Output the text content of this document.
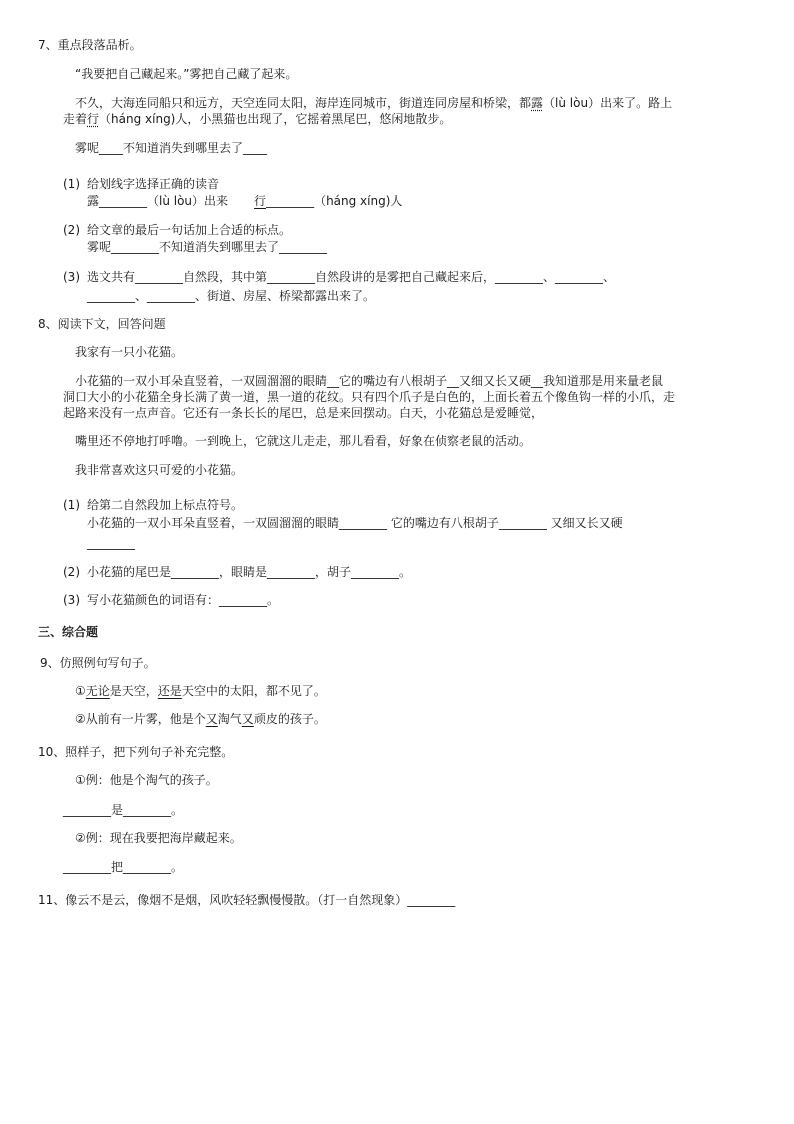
7、重点段落品析。
“我要把自己藏起来。”雾把自己藏了起来。
不久，大海连同船只和远方，天空连同太阳，海岸连同城市，街道连同房屋和桥梁，都露（lù lòu）出来了。路上
走着行（háng xíng)人，小黑猫也出现了，它摇着黑尾巴，悠闲地散步。
雾呢____不知道消失到哪里去了____
(1) 给划线字选择正确的读音
露________（lù lòu）出来 行________（háng xíng)人
(2) 给文章的最后一句话加上合适的标点。
雾呢________不知道消失到哪里去了________
(3) 选文共有________自然段，其中第________自然段讲的是雾把自己藏起来后，________、________、
________、________、街道、房屋、桥梁都露出来了。
8、阅读下文，回答问题
我家有一只小花猫。
小花猫的一双小耳朵直竖着，一双圆溜溜的眼睛__它的嘴边有八根胡子__又细又长又硬__我知道那是用来量老鼠
洞口大小的小花猫全身长满了黄一道，黑一道的花纹。只有四个爪子是白色的，上面长着五个像鱼钩一样的小爪，走
起路来没有一点声音。它还有一条长长的尾巴，总是来回摆动。白天，小花猫总是爱睡觉，
嘴里还不停地打呼噜。一到晚上，它就这儿走走，那儿看看，好象在侦察老鼠的活动。
我非常喜欢这只可爱的小花猫。
(1) 给第二自然段加上标点符号。
小花猫的一双小耳朵直竖着，一双圆溜溜的眼睛________ 它的嘴边有八根胡子________ 又细又长又硬
________
(2) 小花猫的尾巴是________，眼睛是________，胡子________。
(3) 写小花猫颜色的词语有：________。
三、综合题
9、仿照例句写句子。
①无论是天空，还是天空中的太阳，都不见了。
②从前有一片雾，他是个又淘气又顽皮的孩子。
10、照样子，把下列句子补充完整。
①例：他是个淘气的孩子。
________是________。
②例：现在我要把海岸藏起来。
________把________。
11、像云不是云，像烟不是烟，风吹轻轻飘慢慢散。（打一自然现象）________
